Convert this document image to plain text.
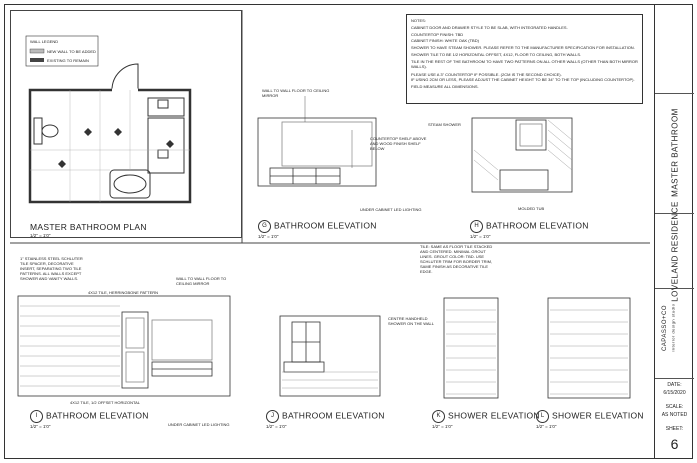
WALL LEGEND
NEW WALL TO BE ADDED
EXISTING TO REMAIN

NOTES:

CABINET DOOR AND DRAWER STYLE TO BE SLAB, WITH INTEGRATED HANDLES.

COUNTERTOP FINISH: TBD

CABINET FINISH: WHITE OAK (TBD)

SHOWER TO HAVE STEAM SHOWER. PLEASE REFER TO THE MANUFACTURER SPECIFICATION FOR INSTALLATION.

SHOWER TILE TO BE 1/2 HORIZONTAL OFFSET, 4X12, FLOOR TO CEILING, BOTH WALLS.

TILE IN THE REST OF THE BATHROOM TO HAVE TWO PATTERNS ON ALL OTHER WALLS (OTHER THAN BOTH MIRROR WALLS).

PLEASE USE A 3" COUNTERTOP IF POSSIBLE. (2CM IS THE SECOND CHOICE).

IF USING 2CM OR LESS, PLEASE ADJUST THE CABINET HEIGHT TO BE 34" TO THE TOP (INCLUDING COUNTERTOP).

FIELD MEASURE ALL DIMENSIONS.

WALL TO WALL FLOOR TO CEILING MIRROR
COUNTERTOP SHELF ABOVE AND WOOD FINISH SHELF BELOW
UNDER CABINET LED LIGHTING
STEAM SHOWER
MOLDED TUB
1" STAINLESS STEEL SCHLUTER TILE SPACER, DECORATIVE INSERT, SEPARATING TWO TILE PATTERNS. ALL WALLS EXCEPT SHOWER AND VANITY WALLS.
4X12 TILE, HERRINGBONE PATTERN
WALL TO WALL FLOOR TO CEILING MIRROR
4X12 TILE, 1/2 OFFSET HORIZONTAL
UNDER CABINET LED LIGHTING
TILE: SAME AS FLOOR TILE STACKED AND CENTERED. MINIMAL GROUT LINES. GROUT COLOR: TBD. USE SCHLUTER TRIM FOR BORDER TRIM, SAME FINISH AS DECORATIVE TILE EDGE.
CENTRE HANDHELD SHOWER ON THE WALL
MASTER BATHROOM PLAN
1/2" = 1'0"
G BATHROOM ELEVATION
1/2" = 1'0"
H BATHROOM ELEVATION
1/2" = 1'0"
I BATHROOM ELEVATION
1/2" = 1'0"
J BATHROOM ELEVATION
1/2" = 1'0"
K SHOWER ELEVATION
1/2" = 1'0"
L SHOWER ELEVATION
1/2" = 1'0"
MASTER BATHROOM
LOVELAND RESIDENCE
CAPASSO+CO interior design studio
DATE:
6/15/2020
SCALE:
AS NOTED
SHEET:
6
